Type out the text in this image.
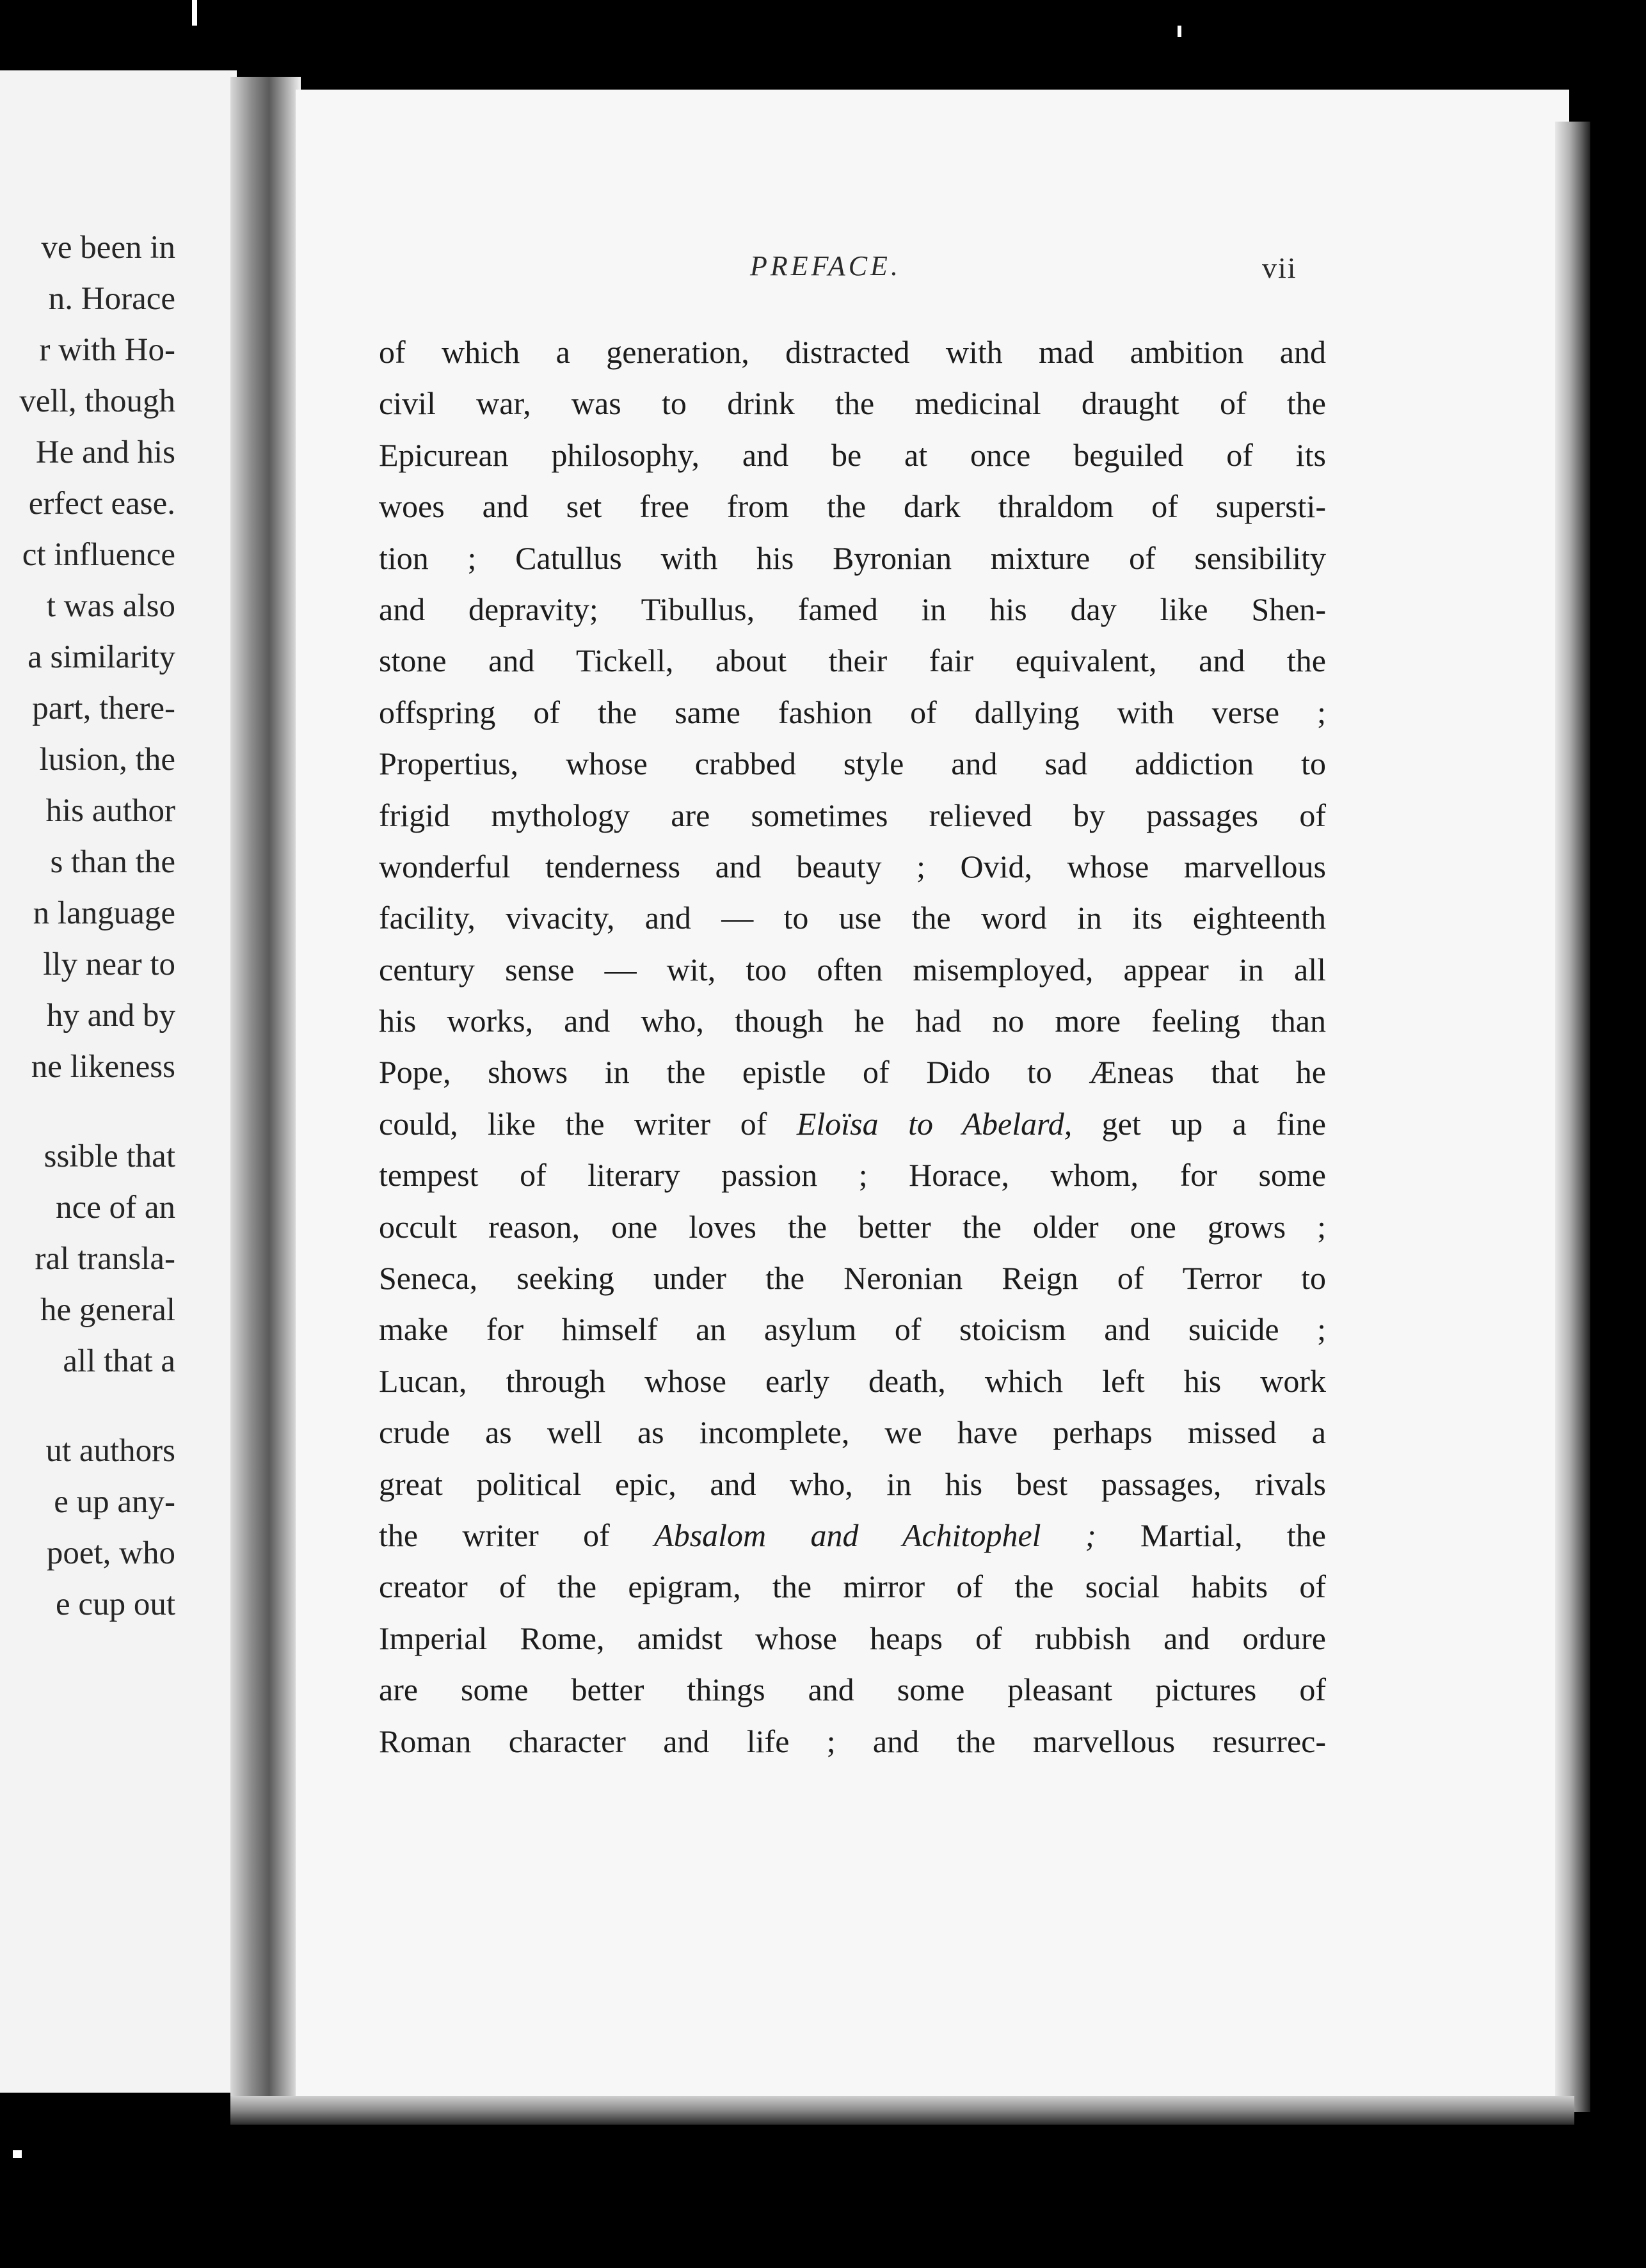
ve been in
n. Horace
r with Ho-
vell, though
He and his
erfect ease.
ct influence
t was also
a similarity
part, there-
lusion, the
his author
s than the
n language
lly near to
hy and by
ne likeness
ssible that
nce of an
ral transla-
he general
all that a
ut authors
e up any-
poet, who
e cup out
PREFACE.	vii
of which a generation, distracted with mad ambition and
civil war, was to drink the medicinal draught of the
Epicurean philosophy, and be at once beguiled of its
woes and set free from the dark thraldom of supersti-
tion ; Catullus with his Byronian mixture of sensibility
and depravity; Tibullus, famed in his day like Shen-
stone and Tickell, about their fair equivalent, and the
offspring of the same fashion of dallying with verse ;
Propertius, whose crabbed style and sad addiction to
frigid mythology are sometimes relieved by passages of
wonderful tenderness and beauty ; Ovid, whose marvellous
facility, vivacity, and — to use the word in its eighteenth
century sense — wit, too often misemployed, appear in all
his works, and who, though he had no more feeling than
Pope, shows in the epistle of Dido to Æneas that he
could, like the writer of Eloïsa to Abelard, get up a fine
tempest of literary passion ; Horace, whom, for some
occult reason, one loves the better the older one grows ;
Seneca, seeking under the Neronian Reign of Terror to
make for himself an asylum of stoicism and suicide ;
Lucan, through whose early death, which left his work
crude as well as incomplete, we have perhaps missed a
great political epic, and who, in his best passages, rivals
the writer of Absalom and Achitophel ; Martial, the
creator of the epigram, the mirror of the social habits of
Imperial Rome, amidst whose heaps of rubbish and ordure
are some better things and some pleasant pictures of
Roman character and life ; and the marvellous resurrec-
